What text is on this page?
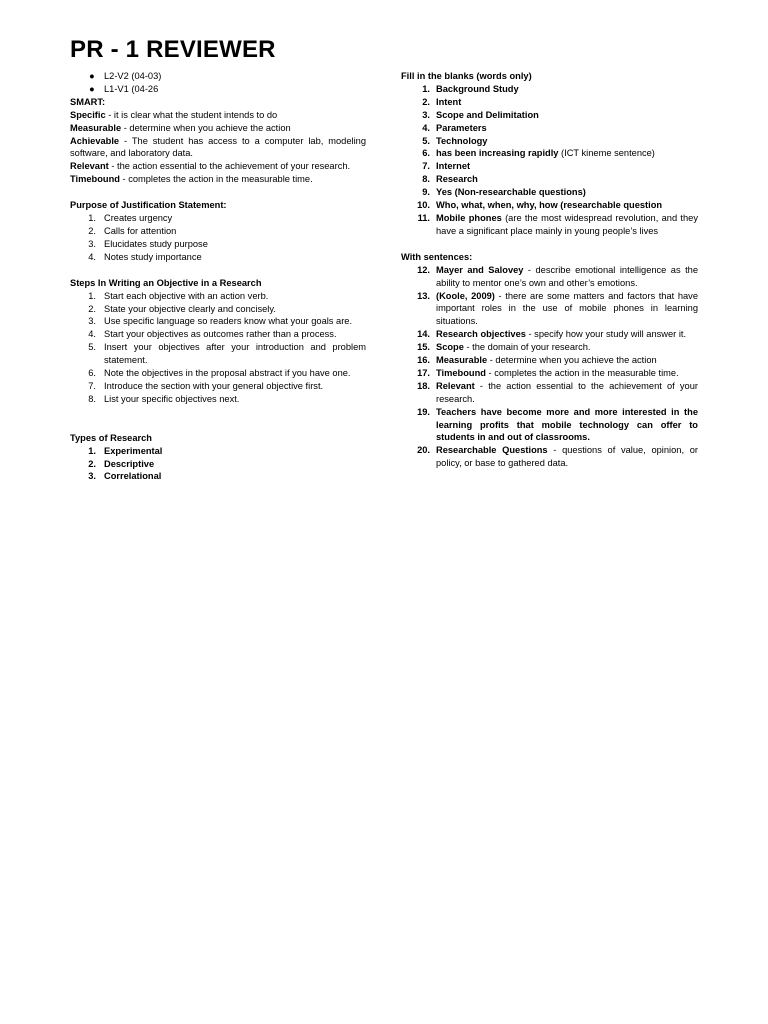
PR - 1 REVIEWER
● L2-V2 (04-03)
● L1-V1 (04-26

SMART:

Specific - it is clear what the student intends to do

Measurable - determine when you achieve the action

Achievable - The student has access to a computer lab, modeling software, and laboratory data.

Relevant - the action essential to the achievement of your research.

Timebound - completes the action in the measurable time.

Purpose of Justification Statement:

1. Creates urgency
2. Calls for attention
3. Elucidates study purpose
4. Notes study importance

Steps In Writing an Objective in a Research

1. Start each objective with an action verb.
2. State your objective clearly and concisely.
3. Use specific language so readers know what your goals are.
4. Start your objectives as outcomes rather than a process.
5. Insert your objectives after your introduction and problem statement.
6. Note the objectives in the proposal abstract if you have one.
7. Introduce the section with your general objective first.
8. List your specific objectives next.

Types of Research

1. Experimental
2. Descriptive
3. Correlational

Fill in the blanks (words only)

1. Background Study
2. Intent
3. Scope and Delimitation
4. Parameters
5. Technology
6. has been increasing rapidly (ICT kineme sentence)
7. Internet
8. Research
9. Yes (Non-researchable questions)
10. Who, what, when, why, how (researchable question
11. Mobile phones (are the most widespread revolution, and they have a significant place mainly in young people’s lives

With sentences:

12. Mayer and Salovey - describe emotional intelligence as the ability to mentor one’s own and other’s emotions.
13. (Koole, 2009) - there are some matters and factors that have important roles in the use of mobile phones in learning situations.
14. Research objectives - specify how your study will answer it.
15. Scope - the domain of your research.
16. Measurable - determine when you achieve the action
17. Timebound - completes the action in the measurable time.
18. Relevant - the action essential to the achievement of your research.
19. Teachers have become more and more interested in the learning profits that mobile technology can offer to students in and out of classrooms.
20. Researchable Questions - questions of value, opinion, or policy, or base to gathered data.
